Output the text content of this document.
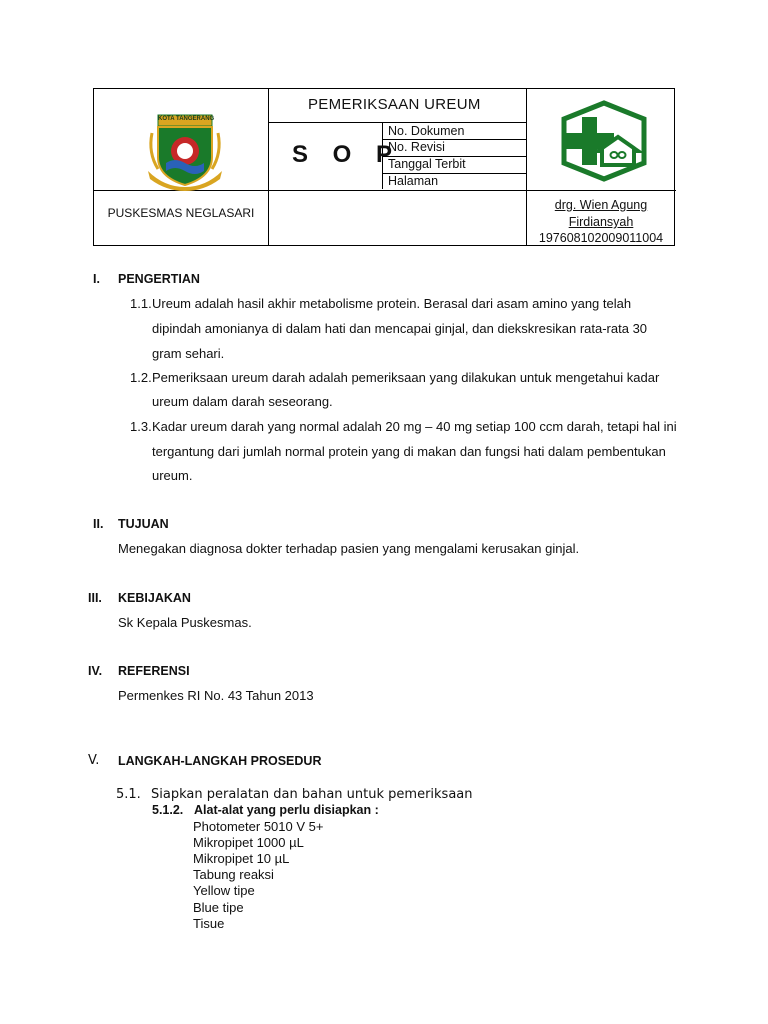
KOTA TANGERANG
PEMERIKSAAN UREUM
S O P
No. Dokumen
No. Revisi
Tanggal Terbit
Halaman
PUSKESMAS NEGLASARI
drg. Wien Agung
Firdiansyah
197608102009011004
I. PENGERTIAN
1.1. Ureum adalah hasil akhir metabolisme protein. Berasal dari asam amino yang telah
dipindah amonianya di dalam hati dan mencapai ginjal, dan diekskresikan rata-rata 30
gram sehari.
1.2. Pemeriksaan ureum darah adalah pemeriksaan yang dilakukan untuk mengetahui kadar
ureum dalam darah seseorang.
1.3. Kadar ureum darah yang normal adalah 20 mg – 40 mg setiap 100 ccm darah, tetapi hal ini
tergantung dari jumlah normal protein yang di makan dan fungsi hati dalam pembentukan
ureum.
II. TUJUAN
Menegakan diagnosa dokter terhadap pasien yang mengalami kerusakan ginjal.
III. KEBIJAKAN
Sk Kepala Puskesmas.
IV. REFERENSI
Permenkes RI No. 43 Tahun 2013
V. LANGKAH-LANGKAH PROSEDUR
5.1. Siapkan peralatan dan bahan untuk pemeriksaan
5.1.2. Alat-alat yang perlu disiapkan :
Photometer 5010 V 5+
Mikropipet 1000 µL
Mikropipet 10 µL
Tabung reaksi
Yellow tipe
Blue tipe
Tisue
